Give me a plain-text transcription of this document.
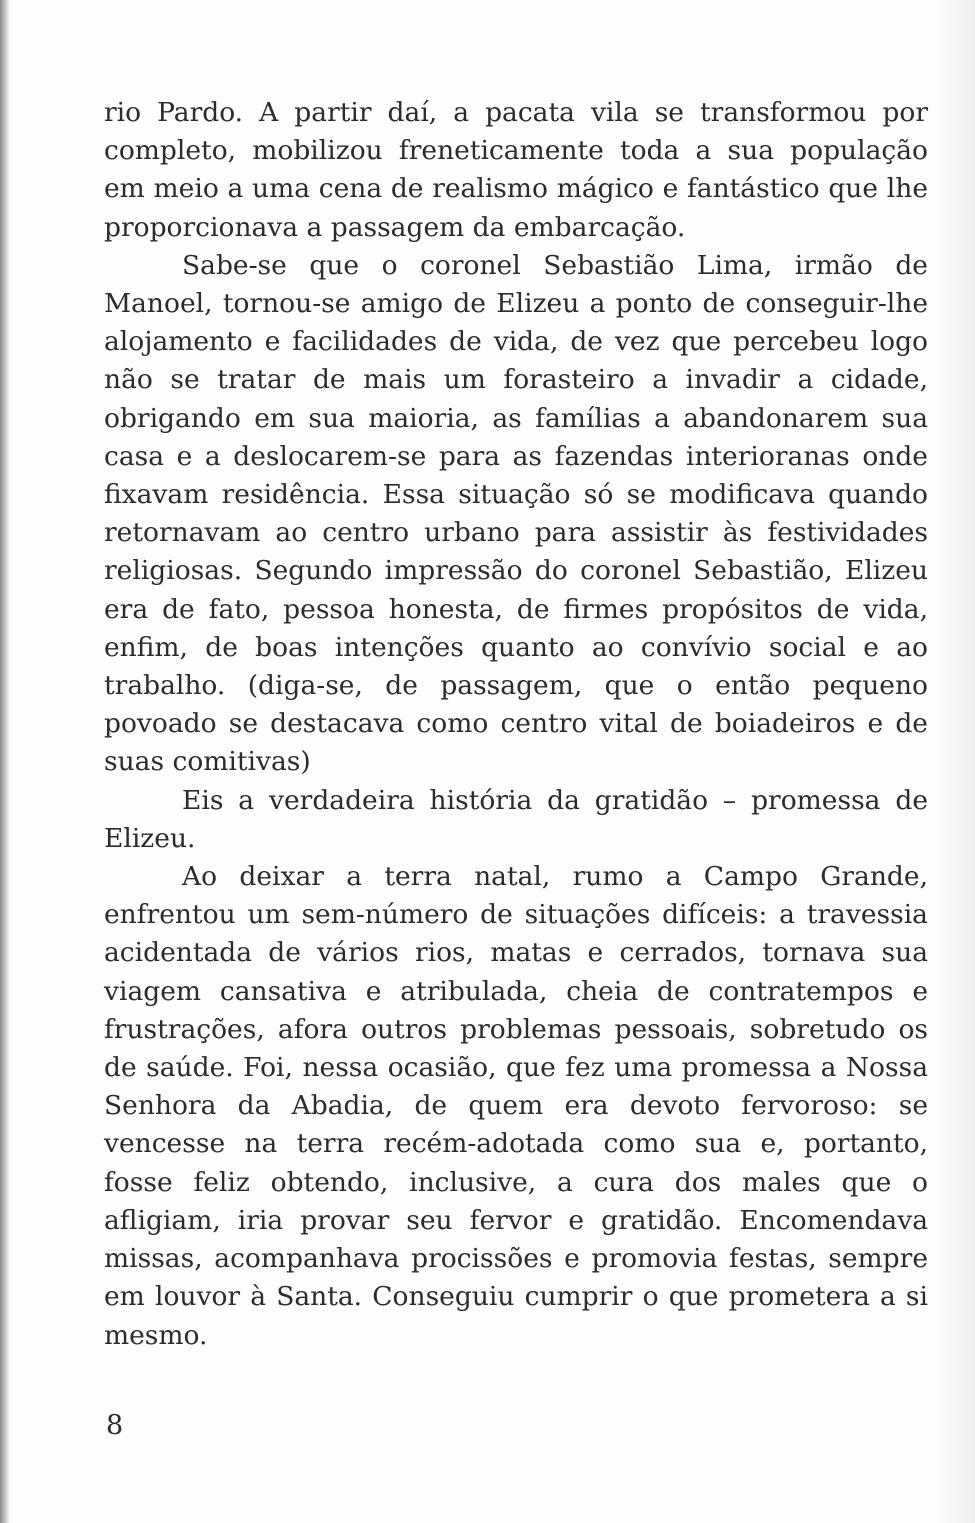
rio Pardo. A partir daí, a pacata vila se transformou por completo, mobilizou freneticamente toda a sua população em meio a uma cena de realismo mágico e fantástico que lhe proporcionava a passagem da embarcação.

Sabe-se que o coronel Sebastião Lima, irmão de Manoel, tornou-se amigo de Elizeu a ponto de conseguir-lhe alojamento e facilidades de vida, de vez que percebeu logo não se tratar de mais um forasteiro a invadir a cidade, obrigando em sua maioria, as famílias a abandonarem sua casa e a deslocarem-se para as fazendas interioranas onde fixavam residência. Essa situação só se modificava quando retornavam ao centro urbano para assistir às festividades religiosas. Segundo impressão do coronel Sebastião, Elizeu era de fato, pessoa honesta, de firmes propósitos de vida, enfim, de boas intenções quanto ao convívio social e ao trabalho. (diga-se, de passagem, que o então pequeno povoado se destacava como centro vital de boiadeiros e de suas comitivas)

Eis a verdadeira história da gratidão – promessa de Elizeu.

Ao deixar a terra natal, rumo a Campo Grande, enfrentou um sem-número de situações difíceis: a travessia acidentada de vários rios, matas e cerrados, tornava sua viagem cansativa e atribulada, cheia de contratempos e frustrações, afora outros problemas pessoais, sobretudo os de saúde. Foi, nessa ocasião, que fez uma promessa a Nossa Senhora da Abadia, de quem era devoto fervoroso: se vencesse na terra recém-adotada como sua e, portanto, fosse feliz obtendo, inclusive, a cura dos males que o afligiam, iria provar seu fervor e gratidão. Encomendava missas, acompanhava procissões e promovia festas, sempre em louvor à Santa. Conseguiu cumprir o que prometera a si mesmo.

8
